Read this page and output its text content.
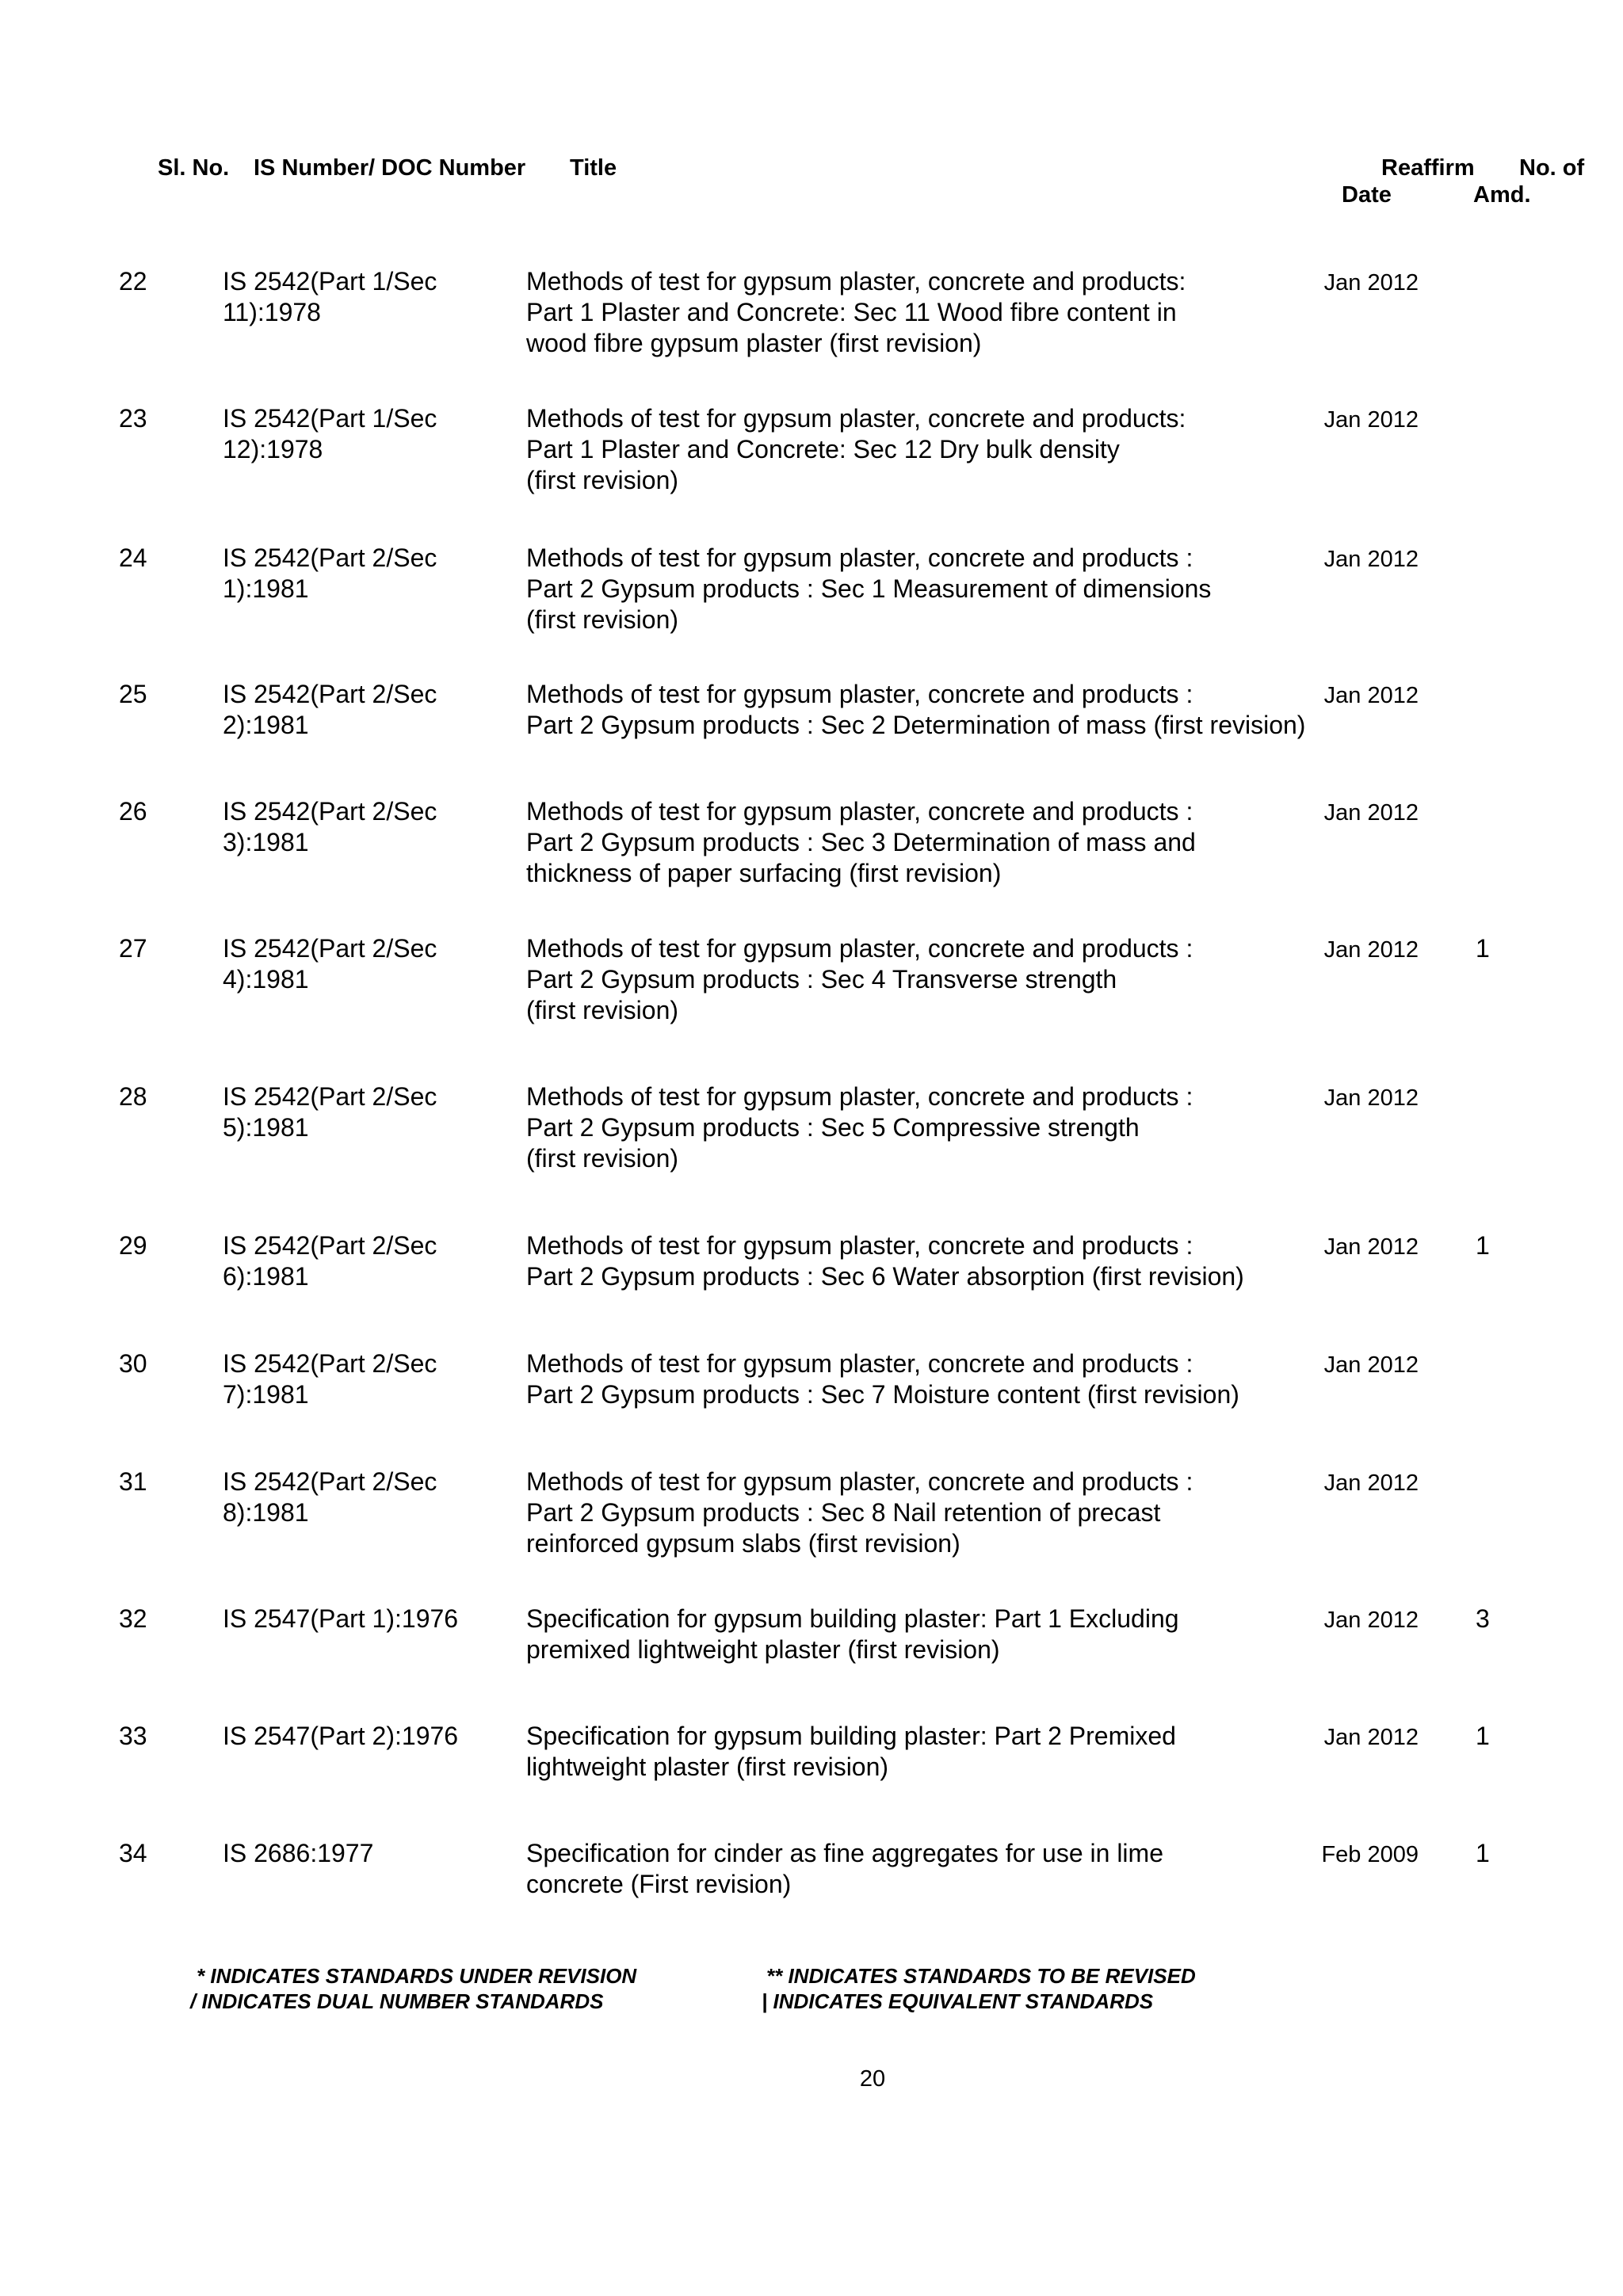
Sl. No. IS Number/ DOC Number Title	Reaffirm No. of
Date	Amd.
22	IS 2542(Part 1/Sec 11):1978
Methods of test for gypsum plaster, concrete and products:
Part 1 Plaster and Concrete: Sec 11 Wood fibre content in
wood fibre gypsum plaster (first revision)
Jan 2012
23	IS 2542(Part 1/Sec 12):1978
Methods of test for gypsum plaster, concrete and products:
Part 1 Plaster and Concrete: Sec 12 Dry bulk density
(first revision)
Jan 2012
24	IS 2542(Part 2/Sec 1):1981
Methods of test for gypsum plaster, concrete and products :
Part 2 Gypsum products : Sec 1 Measurement of dimensions
(first revision)
Jan 2012
25	IS 2542(Part 2/Sec 2):1981
Methods of test for gypsum plaster, concrete and products :
Part 2 Gypsum products : Sec 2 Determination of mass (first revision)
Jan 2012
26	IS 2542(Part 2/Sec 3):1981
Methods of test for gypsum plaster, concrete and products :
Part 2 Gypsum products : Sec 3 Determination of mass and
thickness of paper surfacing (first revision)
Jan 2012
27	IS 2542(Part 2/Sec 4):1981
Methods of test for gypsum plaster, concrete and products :
Part 2 Gypsum products : Sec 4 Transverse strength
(first revision)
Jan 2012 1
28	IS 2542(Part 2/Sec 5):1981
Methods of test for gypsum plaster, concrete and products :
Part 2 Gypsum products : Sec 5 Compressive strength
(first revision)
Jan 2012
29	IS 2542(Part 2/Sec 6):1981
Methods of test for gypsum plaster, concrete and products :
Part 2 Gypsum products : Sec 6 Water absorption (first revision)
Jan 2012 1
30	IS 2542(Part 2/Sec 7):1981
Methods of test for gypsum plaster, concrete and products :
Part 2 Gypsum products : Sec 7 Moisture content (first revision)
Jan 2012
31	IS 2542(Part 2/Sec 8):1981
Methods of test for gypsum plaster, concrete and products :
Part 2 Gypsum products : Sec 8 Nail retention of precast
reinforced gypsum slabs (first revision)
Jan 2012
32	IS 2547(Part 1):1976	Specification for gypsum building plaster: Part 1 Excluding
premixed lightweight plaster (first revision)
Jan 2012 3
33	IS 2547(Part 2):1976	Specification for gypsum building plaster: Part 2 Premixed
lightweight plaster (first revision)
Jan 2012 1
34	IS 2686:1977	Specification for cinder as fine aggregates for use in lime
concrete (First revision)
Feb 2009 1
* INDICATES STANDARDS UNDER REVISION	** INDICATES STANDARDS TO BE REVISED
/ INDICATES DUAL NUMBER STANDARDS	| INDICATES EQUIVALENT STANDARDS
20
